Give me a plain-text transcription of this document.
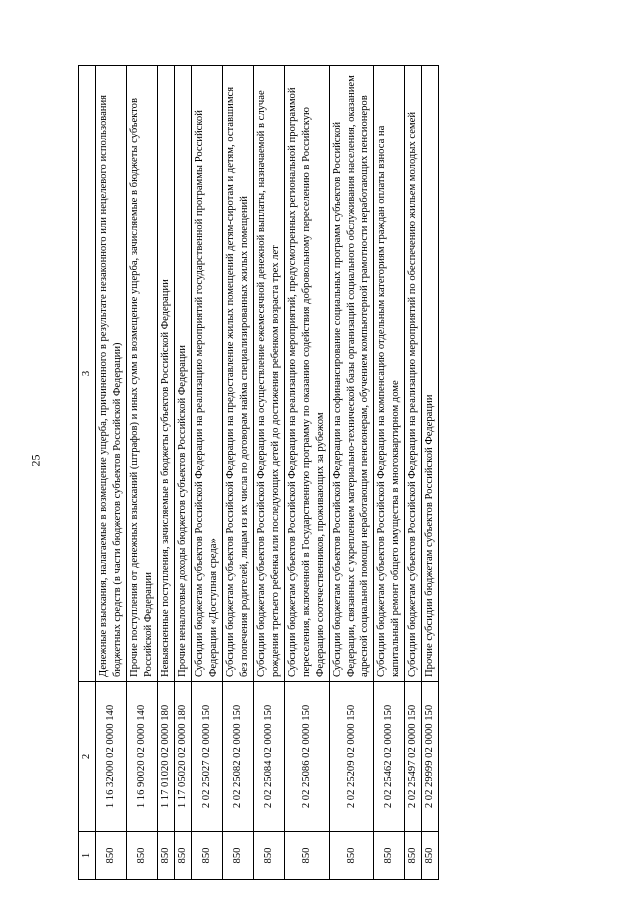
25
1	2	3
850	1 16 32000 02 0000 140	Денежные взыскания, налагаемые в возмещение ущерба, причиненного в результате незаконного или нецелевого использования бюджетных средств (в части бюджетов субъектов Российской Федерации)
850	1 16 90020 02 0000 140	Прочие поступления от денежных взысканий (штрафов) и иных сумм в возмещение ущерба, зачисляемые в бюджеты субъектов Российской Федерации
850	1 17 01020 02 0000 180	Невыясненные поступления, зачисляемые в бюджеты субъектов Российской Федерации
850	1 17 05020 02 0000 180	Прочие неналоговые доходы бюджетов субъектов Российской Федерации
850	2 02 25027 02 0000 150	Субсидии бюджетам субъектов Российской Федерации на реализацию мероприятий государственной программы Российской Федерации «Доступная среда»
850	2 02 25082 02 0000 150	Субсидии бюджетам субъектов Российской Федерации на предоставление жилых помещений детям-сиротам и детям, оставшимся без попечения родителей, лицам из их числа по договорам найма специализированных жилых помещений
850	2 02 25084 02 0000 150	Субсидии бюджетам субъектов Российской Федерации на осуществление ежемесячной денежной выплаты, назначаемой в случае рождения третьего ребенка или последующих детей до достижения ребенком возраста трех лет
850	2 02 25086 02 0000 150	Субсидии бюджетам субъектов Российской Федерации на реализацию мероприятий, предусмотренных региональной программой переселения, включенной в Государственную программу по оказанию содействия добровольному переселению в Российскую Федерацию соотечественников, проживающих за рубежом
850	2 02 25209 02 0000 150	Субсидии бюджетам субъектов Российской Федерации на софинансирование социальных программ субъектов Российской Федерации, связанных с укреплением материально-технической базы организаций социального обслуживания населения, оказанием адресной социальной помощи неработающим пенсионерам, обучением компьютерной грамотности неработающих пенсионеров
850	2 02 25462 02 0000 150	Субсидии бюджетам субъектов Российской Федерации на компенсацию отдельным категориям граждан оплаты взноса на капитальный ремонт общего имущества в многоквартирном доме
850	2 02 25497 02 0000 150	Субсидии бюджетам субъектов Российской Федерации на реализацию мероприятий по обеспечению жильем молодых семей
850	2 02 29999 02 0000 150	Прочие субсидии бюджетам субъектов Российской Федерации
